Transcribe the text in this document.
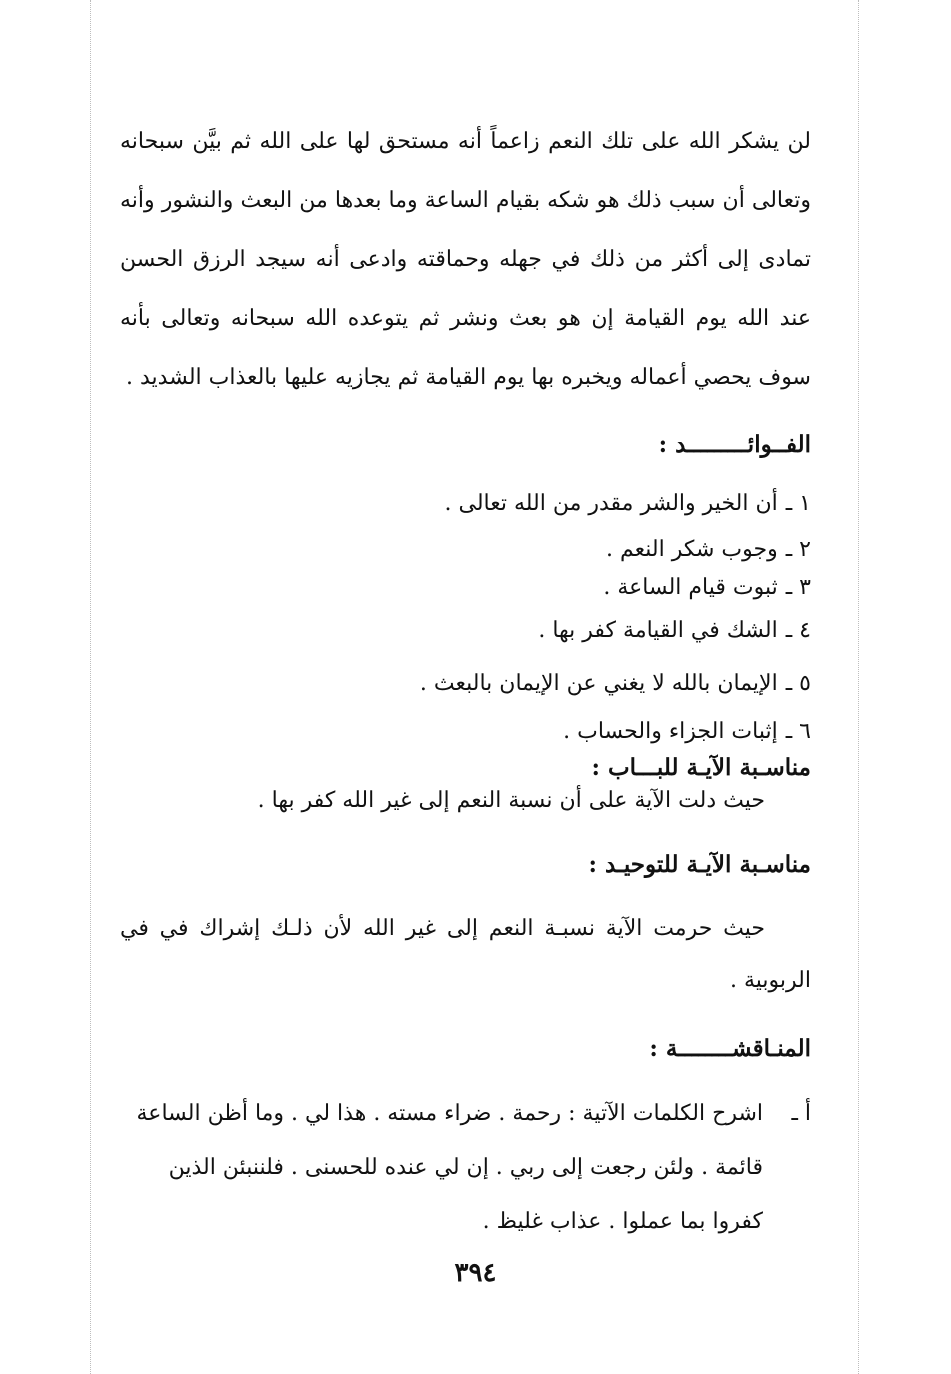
لن يشكر الله على تلك النعم زاعماً أنه مستحق لها على الله ثم بيَّن سبحانه وتعالى أن سبب ذلك هو شكه بقيام الساعة وما بعدها من البعث والنشور وأنه تمادى إلى أكثر من ذلك في جهله وحماقته وادعى أنه سيجد الرزق الحسن عند الله يوم القيامة إن هو بعث ونشر ثم يتوعده الله سبحانه وتعالى بأنه سوف يحصي أعماله ويخبره بها يوم القيامة ثم يجازيه عليها بالعذاب الشديد .

الفــوائـــــــــد :
١ ـأن الخير والشر مقدر من الله تعالى .
٢ ـوجوب شكر النعم .
٣ ـثبوت قيام الساعة .
٤ ـالشك في القيامة كفر بها .
٥ ـالإيمان بالله لا يغني عن الإيمان بالبعث .
٦ ـإثبات الجزاء والحساب .
مناسـبة الآيـة للبـــاب :

حيث دلت الآية على أن نسبة النعم إلى غير الله كفر بها .

مناسـبة الآيـة للتوحيـد :

حيث حرمت الآية نسبـة النعم إلى غير الله لأن ذلـك إشراك في في الربوبية .

المنـاقشــــــــة :
أ ـ
اشرح الكلمات الآتية : رحمة . ضراء مسته . هذا لي . وما أظن الساعة قائمة . ولئن رجعت إلى ربي . إن لي عنده للحسنى . فلننبئن الذين كفروا بما عملوا . عذاب غليظ .
٣٩٤
